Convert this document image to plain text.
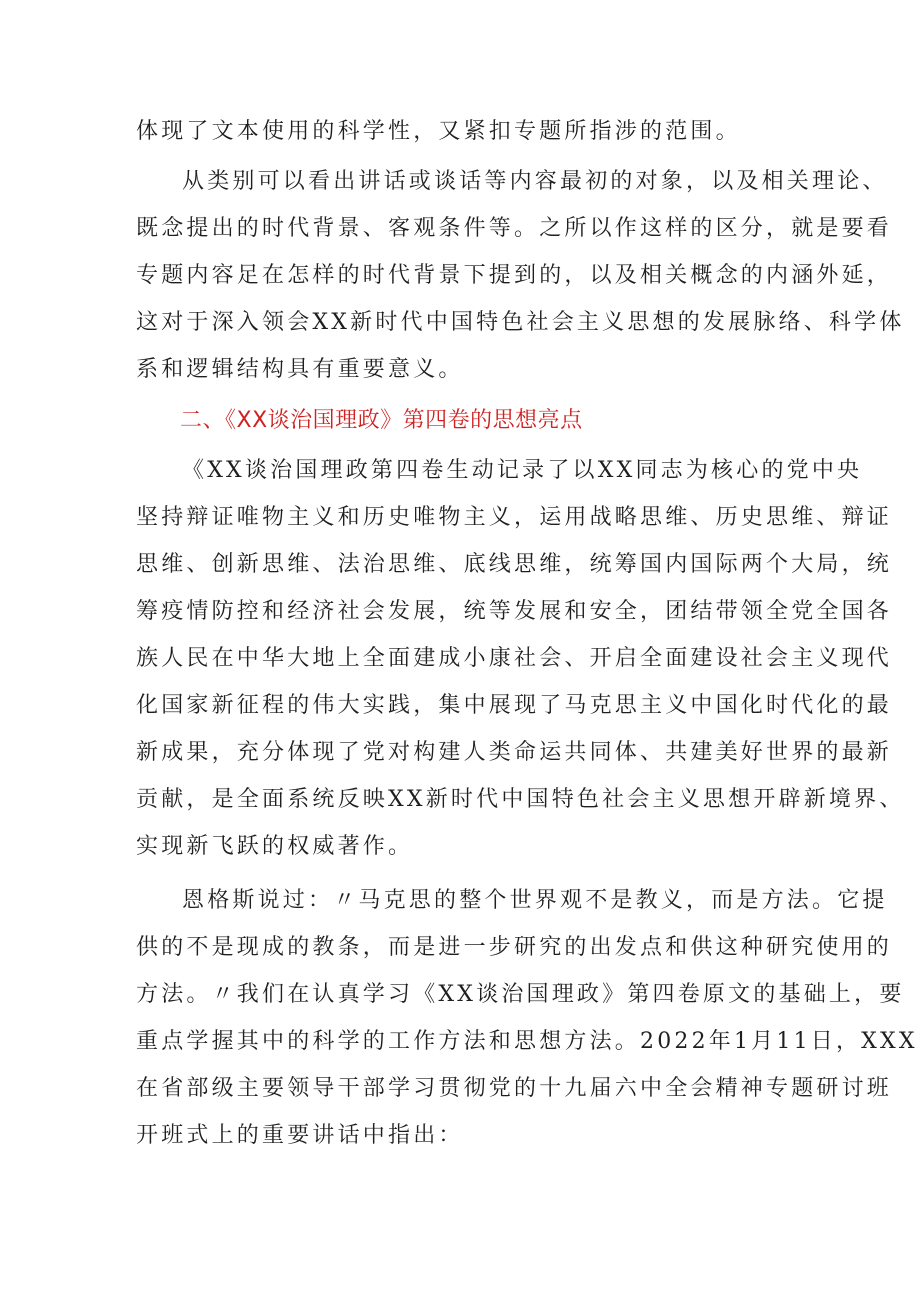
体现了文本使用的科学性，又紧扣专题所指涉的范围。
从类别可以看出讲话或谈话等内容最初的对象，以及相关理论、
既念提出的时代背景、客观条件等。之所以作这样的区分，就是要看
专题内容足在怎样的时代背景下提到的，以及相关概念的内涵外延，
这对于深入领会XX新时代中国特色社会主义思想的发展脉络、科学体
系和逻辑结构具有重要意义。
二、《XX谈治国理政》第四卷的思想亮点
《XX谈治国理政第四卷生动记录了以XX同志为核心的党中央
坚持辩证唯物主义和历史唯物主义，运用战略思维、历史思维、辩证
思维、创新思维、法治思维、底线思维，统筹国内国际两个大局，统
筹疫情防控和经济社会发展，统等发展和安全，团结带领全党全国各
族人民在中华大地上全面建成小康社会、开启全面建设社会主义现代
化国家新征程的伟大实践，集中展现了马克思主义中国化时代化的最
新成果，充分体现了党对构建人类命运共同体、共建美好世界的最新
贡献，是全面系统反映XX新时代中国特色社会主义思想开辟新境界、
实现新飞跃的权威著作。
恩格斯说过：〃马克思的整个世界观不是教义，而是方法。它提
供的不是现成的教条，而是进一步研究的出发点和供这种研究使用的
方法。〃我们在认真学习《XX谈治国理政》第四卷原文的基础上，要
重点学握其中的科学的工作方法和思想方法。2022年1月11日，XXX
在省部级主要领导干部学习贯彻党的十九届六中全会精神专题研讨班
开班式上的重要讲话中指出：
